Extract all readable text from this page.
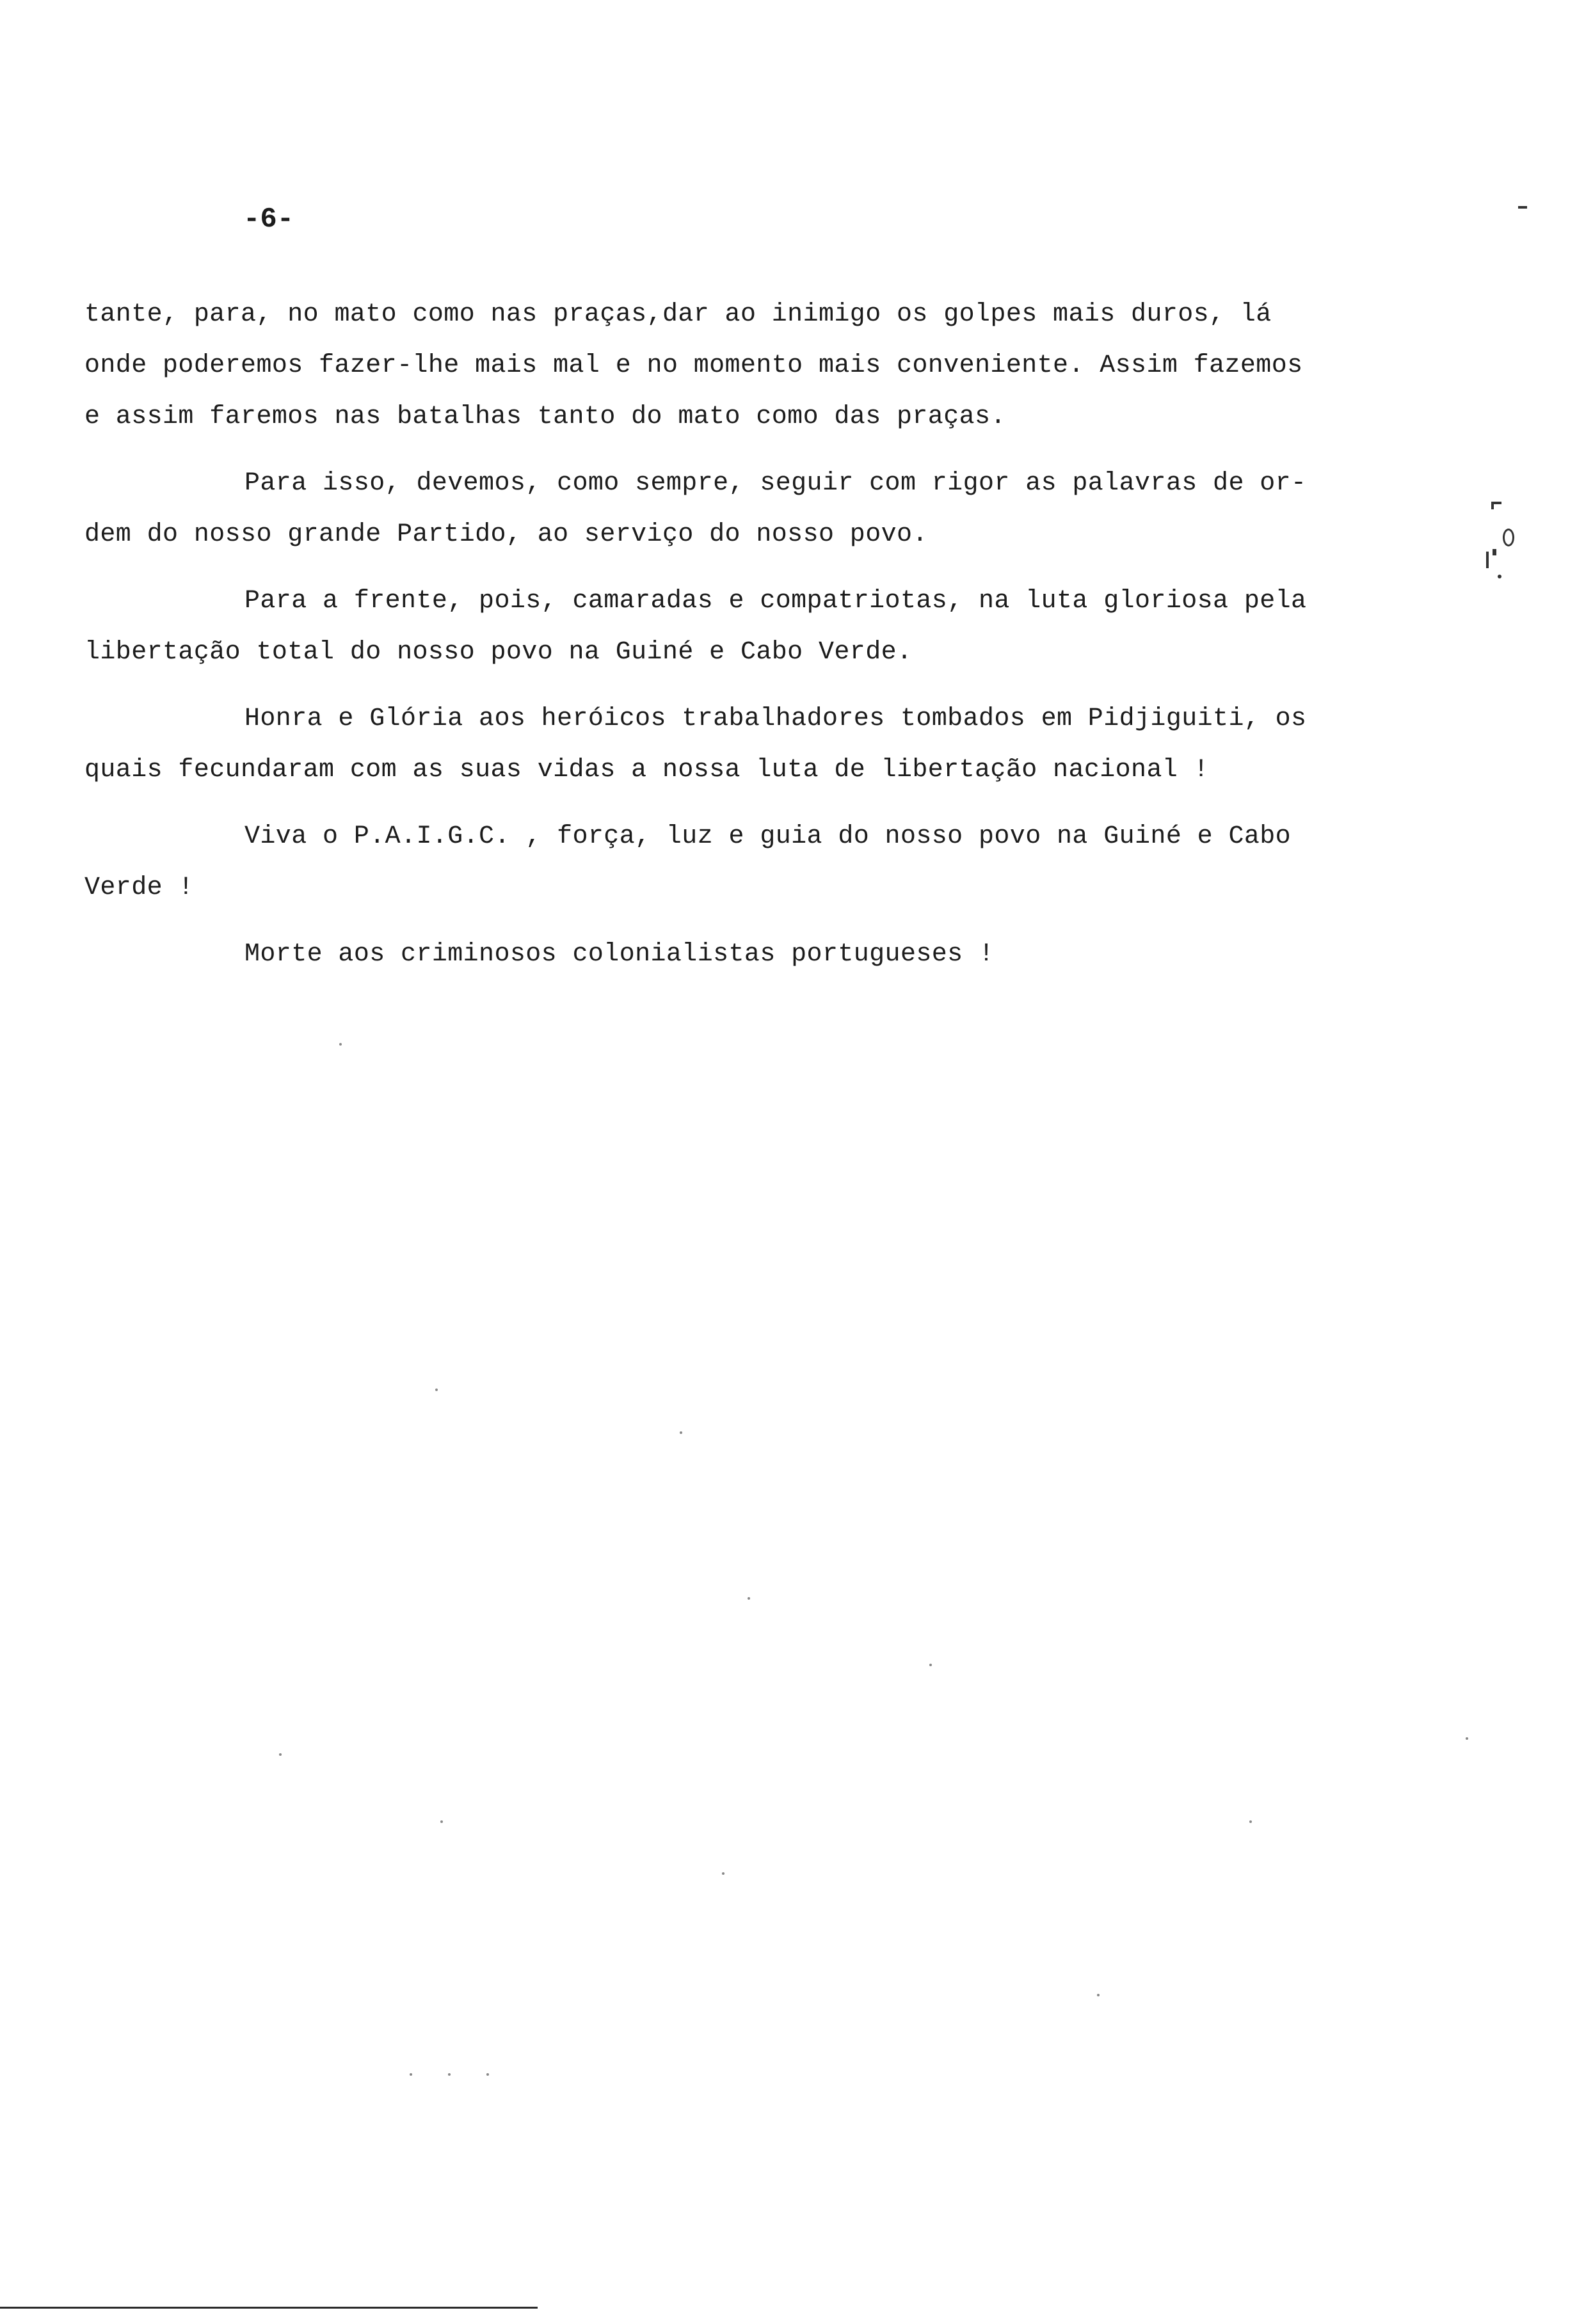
-6-

tante, para, no mato como nas praças,dar ao inimigo os golpes mais duros, lá
onde poderemos fazer-lhe mais mal e no momento mais conveniente. Assim fazemos
e assim faremos nas batalhas tanto do mato como das praças.

Para isso, devemos, como sempre, seguir com rigor as palavras de or-
dem do nosso grande Partido, ao serviço do nosso povo.

Para a frente, pois, camaradas e compatriotas, na luta gloriosa pela
libertação total do nosso povo na Guiné e Cabo Verde.

Honra e Glória aos heróicos trabalhadores tombados em Pidjiguiti, os
quais fecundaram com as suas vidas a nossa luta de libertação nacional !

Viva o P.A.I.G.C. , força, luz e guia do nosso povo na Guiné e Cabo

Verde !

Morte aos criminosos colonialistas portugueses !
